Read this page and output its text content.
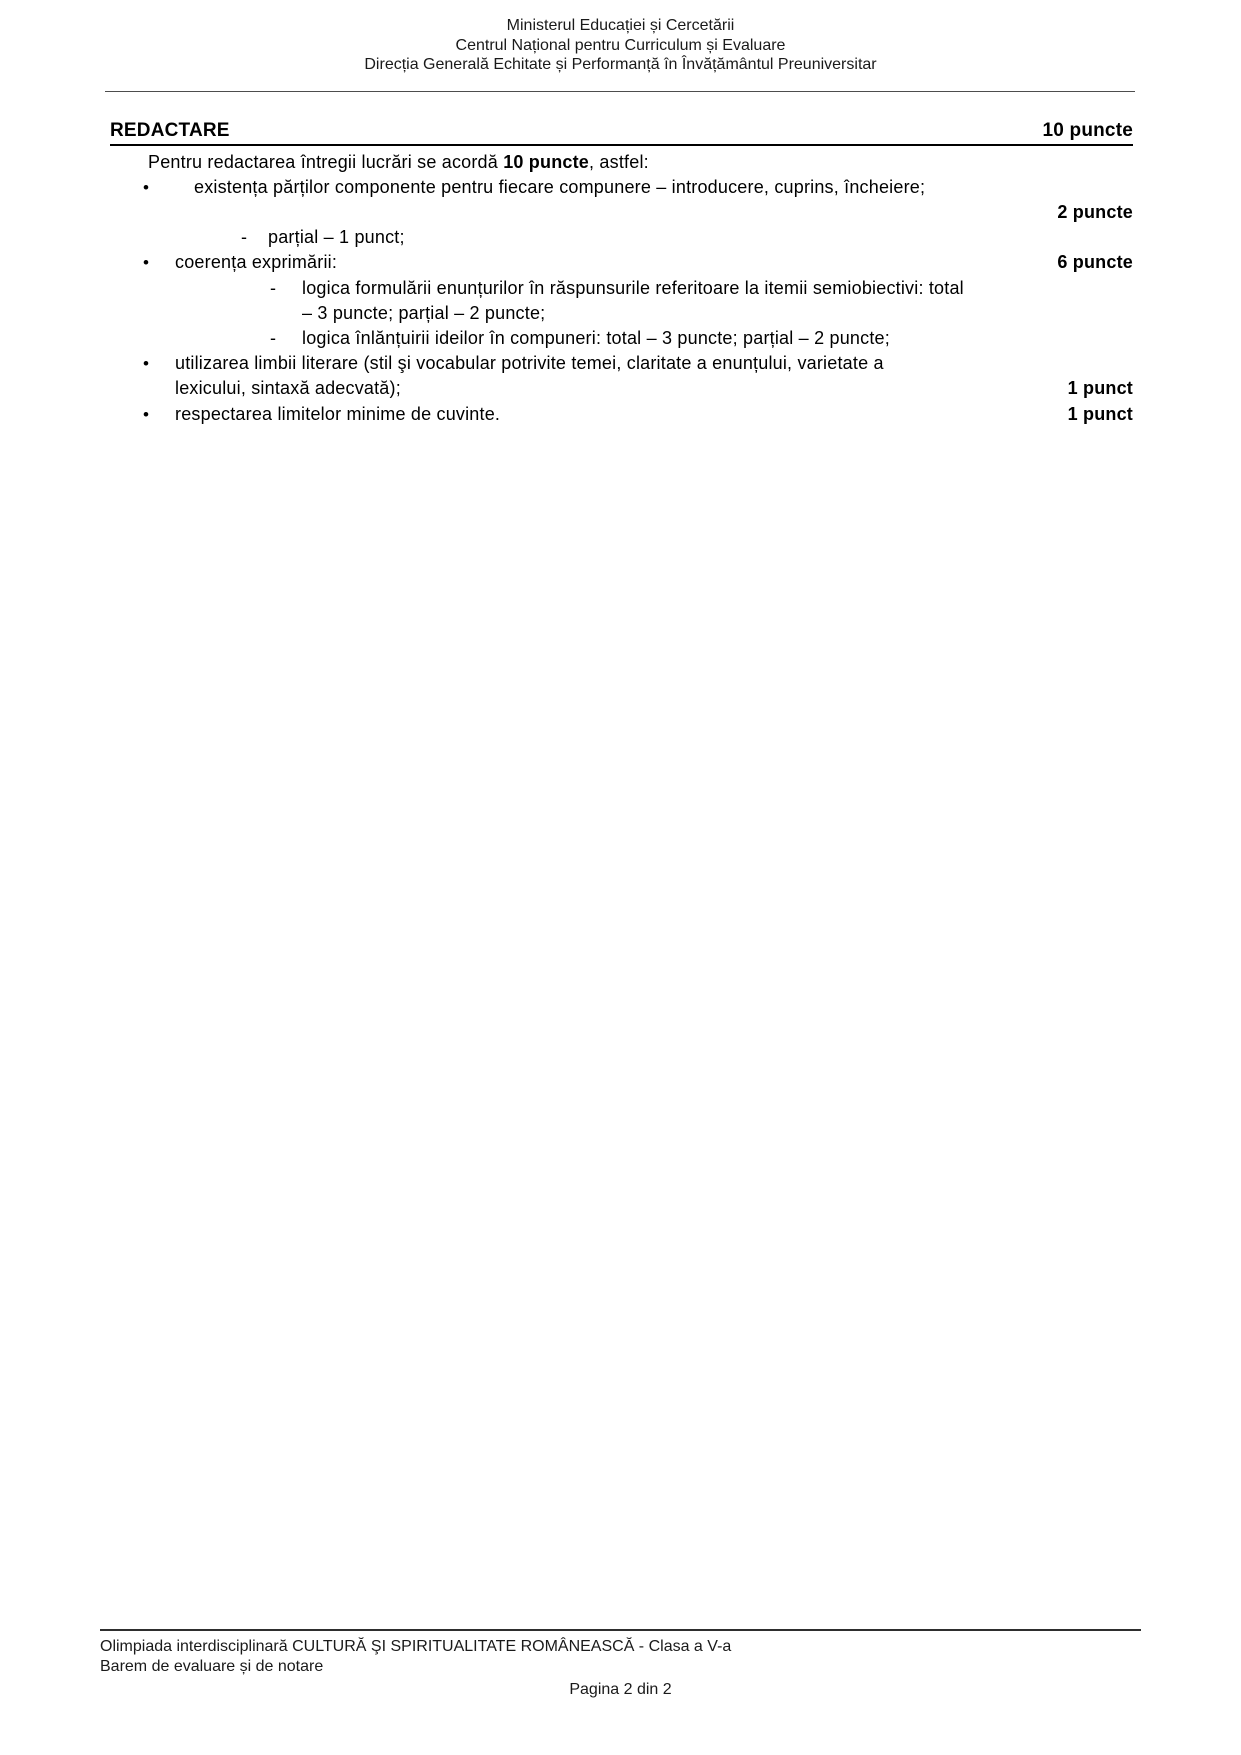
Ministerul Educației și Cercetării
Centrul Național pentru Curriculum și Evaluare
Direcția Generală Echitate și Performanță în Învățământul Preuniversitar
REDACTARE	10 puncte

Pentru redactarea întregii lucrări se acordă 10 puncte, astfel:

•	existența părților componente pentru fiecare compunere – introducere, cuprins, încheiere;
2 puncte
-	parțial – 1 punct;
•	coerența exprimării:	6 puncte
-	logica formulării enunțurilor în răspunsurile referitoare la itemii semiobiectivi: total
– 3 puncte; parțial – 2 puncte;
-	logica înlănțuirii ideilor în compuneri: total – 3 puncte; parțial – 2 puncte;
•	utilizarea limbii literare (stil şi vocabular potrivite temei, claritate a enunțului, varietate a
lexicului, sintaxă adecvată);	1 punct
•	respectarea limitelor minime de cuvinte.	1 punct
Olimpiada interdisciplinară CULTURĂ ŞI SPIRITUALITATE ROMÂNEASCĂ - Clasa a V-a
Barem de evaluare și de notare
Pagina 2 din 2
